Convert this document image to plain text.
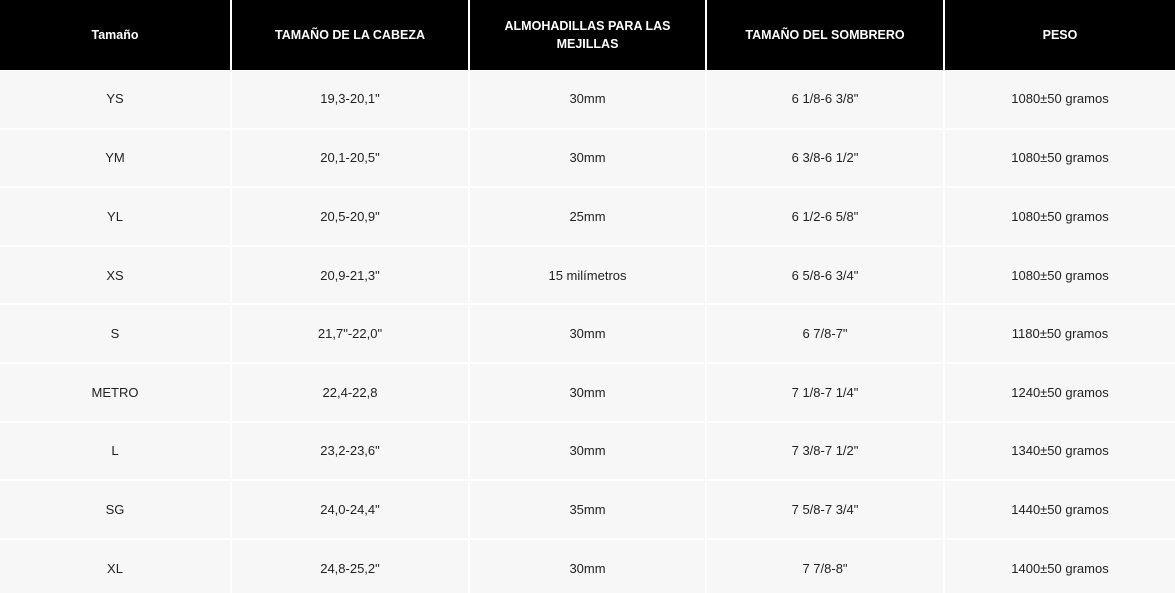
Tamaño	TAMAÑO DE LA CABEZA	ALMOHADILLAS PARA LAS MEJILLAS	TAMAÑO DEL SOMBRERO	PESO
YS	19,3-20,1"	30mm	6 1/8-6 3/8"	1080±50 gramos
YM	20,1-20,5"	30mm	6 3/8-6 1/2"	1080±50 gramos
YL	20,5-20,9"	25mm	6 1/2-6 5/8"	1080±50 gramos
XS	20,9-21,3"	15 milímetros	6 5/8-6 3/4"	1080±50 gramos
S	21,7"-22,0"	30mm	6 7/8-7"	1180±50 gramos
METRO	22,4-22,8	30mm	7 1/8-7 1/4"	1240±50 gramos
L	23,2-23,6"	30mm	7 3/8-7 1/2"	1340±50 gramos
SG	24,0-24,4"	35mm	7 5/8-7 3/4"	1440±50 gramos
XL	24,8-25,2"	30mm	7 7/8-8"	1400±50 gramos
